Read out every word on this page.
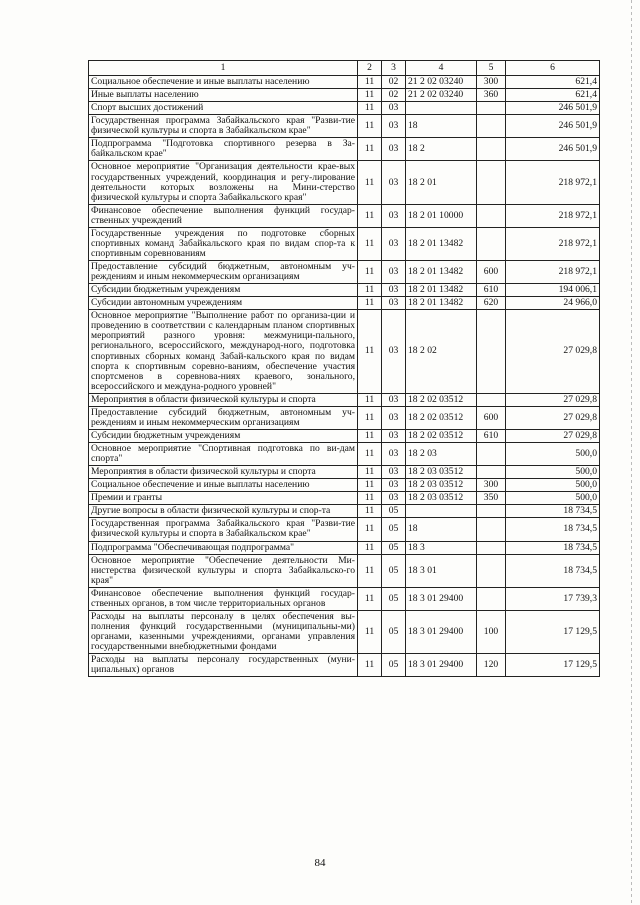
1	2	3	4	5	6
Социальное обеспечение и иные выплаты населению	11	02	21 2 02 03240	300	621,4
Иные выплаты населению	11	02	21 2 02 03240	360	621,4
Спорт высших достижений	11	03			246 501,9
Государственная программа Забайкальского края "Разви-тие физической культуры и спорта в Забайкальском крае"	11	03	18		246 501,9
Подпрограмма "Подготовка спортивного резерва в За-байкальском крае"	11	03	18 2		246 501,9
Основное мероприятие "Организация деятельности крае-вых государственных учреждений, координация и регу-лирование деятельности которых возложены на Мини-стерство физической культуры и спорта Забайкальского края"	11	03	18 2 01		218 972,1
Финансовое обеспечение выполнения функций государ-ственных учреждений	11	03	18 2 01 10000		218 972,1
Государственные учреждения по подготовке сборных спортивных команд Забайкальского края по видам спор-та к спортивным соревнованиям	11	03	18 2 01 13482		218 972,1
Предоставление субсидий бюджетным, автономным уч-реждениям и иным некоммерческим организациям	11	03	18 2 01 13482	600	218 972,1
Субсидии бюджетным учреждениям	11	03	18 2 01 13482	610	194 006,1
Субсидии автономным учреждениям	11	03	18 2 01 13482	620	24 966,0
Основное мероприятие "Выполнение работ по организа-ции и проведению в соответствии с календарным планом спортивных мероприятий разного уровня: межмуници-пального, регионального, всероссийского, международ-ного, подготовка спортивных сборных команд Забай-кальского края по видам спорта к спортивным соревно-ваниям, обеспечение участия спортсменов в соревнова-ниях краевого, зонального, всероссийского и междуна-родного уровней"	11	03	18 2 02		27 029,8
Мероприятия в области физической культуры и спорта	11	03	18 2 02 03512		27 029,8
Предоставление субсидий бюджетным, автономным уч-реждениям и иным некоммерческим организациям	11	03	18 2 02 03512	600	27 029,8
Субсидии бюджетным учреждениям	11	03	18 2 02 03512	610	27 029,8
Основное мероприятие "Спортивная подготовка по ви-дам спорта"	11	03	18 2 03		500,0
Мероприятия в области физической культуры и спорта	11	03	18 2 03 03512		500,0
Социальное обеспечение и иные выплаты населению	11	03	18 2 03 03512	300	500,0
Премии и гранты	11	03	18 2 03 03512	350	500,0
Другие вопросы в области физической культуры и спор-та	11	05			18 734,5
Государственная программа Забайкальского края "Разви-тие физической культуры и спорта в Забайкальском крае"	11	05	18		18 734,5
Подпрограмма "Обеспечивающая подпрограмма"	11	05	18 3		18 734,5
Основное мероприятие "Обеспечение деятельности Ми-нистерства физической культуры и спорта Забайкальско-го края"	11	05	18 3 01		18 734,5
Финансовое обеспечение выполнения функций государ-ственных органов, в том числе территориальных органов	11	05	18 3 01 29400		17 739,3
Расходы на выплаты персоналу в целях обеспечения вы-полнения функций государственными (муниципальны-ми) органами, казенными учреждениями, органами управления государственными внебюджетными фондами	11	05	18 3 01 29400	100	17 129,5
Расходы на выплаты персоналу государственных (муни-ципальных) органов	11	05	18 3 01 29400	120	17 129,5
84
